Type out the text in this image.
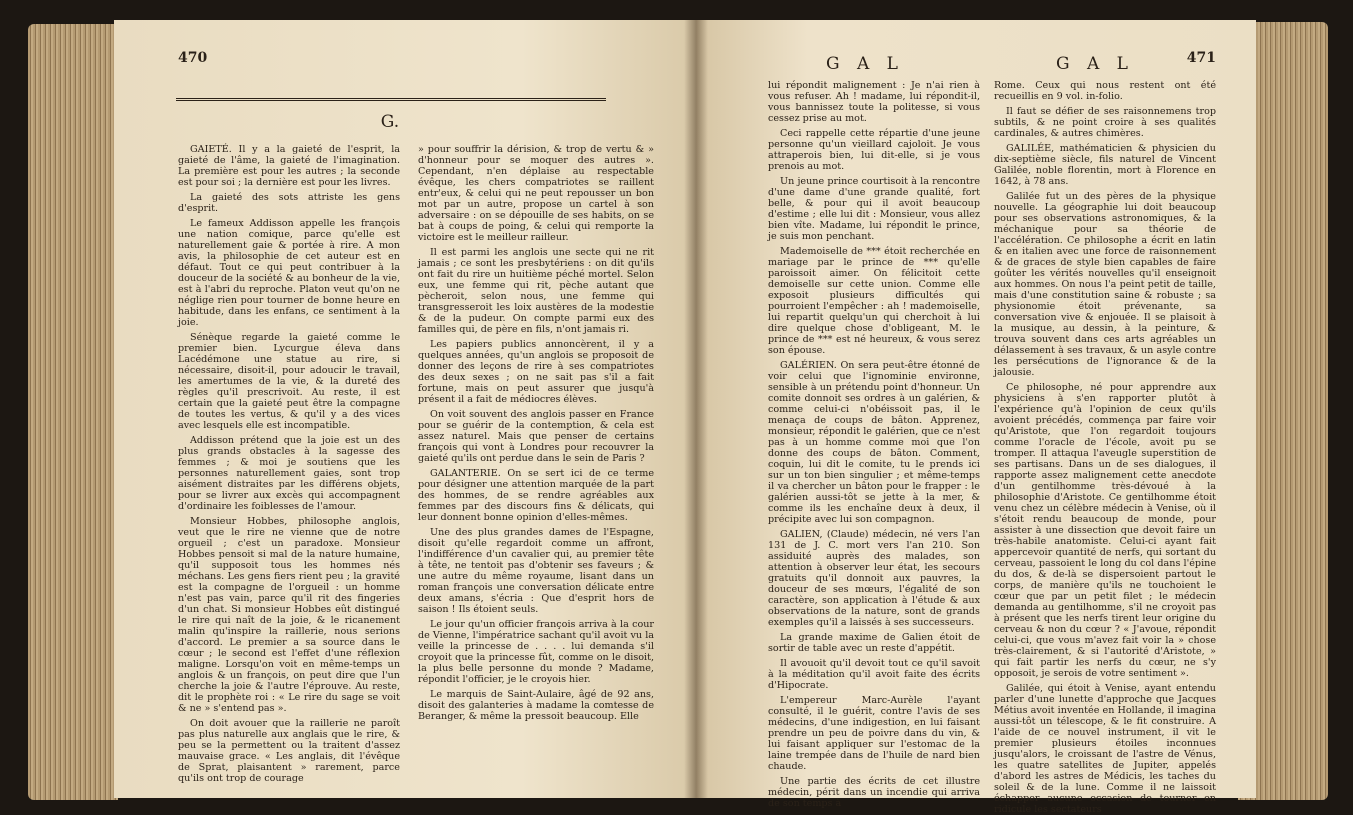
470
G.

GAIETÉ. Il y a la gaieté de l'esprit, la gaieté de l'âme, la gaieté de l'imagination. La première est pour les autres ; la seconde est pour soi ; la dernière est pour les livres.

La gaieté des sots attriste les gens d'esprit.

Le fameux Addisson appelle les françois une nation comique, parce qu'elle est naturellement gaie & portée à rire. A mon avis, la philosophie de cet auteur est en défaut. Tout ce qui peut contribuer à la douceur de la société & au bonheur de la vie, est à l'abri du reproche. Platon veut qu'on ne néglige rien pour tourner de bonne heure en habitude, dans les enfans, ce sentiment à la joie.

Sénèque regarde la gaieté comme le premier bien. Lycurgue éleva dans Lacédémone une statue au rire, si nécessaire, disoit-il, pour adoucir le travail, les amertumes de la vie, & la dureté des règles qu'il prescrivoit. Au reste, il est certain que la gaieté peut être la compagne de toutes les vertus, & qu'il y a des vices avec lesquels elle est incompatible.

Addisson prétend que la joie est un des plus grands obstacles à la sagesse des femmes ; & moi je soutiens que les personnes naturellement gaies, sont trop aisément distraites par les différens objets, pour se livrer aux excès qui accompagnent d'ordinaire les foiblesses de l'amour.

Monsieur Hobbes, philosophe anglois, veut que le rire ne vienne que de notre orgueil ; c'est un paradoxe. Monsieur Hobbes pensoit si mal de la nature humaine, qu'il supposoit tous les hommes nés méchans. Les gens fiers rient peu ; la gravité est la compagne de l'orgueil : un homme n'est pas vain, parce qu'il rit des fingeries d'un chat. Si monsieur Hobbes eût distingué le rire qui naît de la joie, & le ricanement malin qu'inspire la raillerie, nous serions d'accord. Le premier a sa source dans le cœur ; le second est l'effet d'une réflexion maligne. Lorsqu'on voit en même-temps un anglois & un françois, on peut dire que l'un cherche la joie & l'autre l'éprouve. Au reste, dit le prophète roi : « Le rire du sage se voit & ne » s'entend pas ».

On doit avouer que la raillerie ne paroît pas plus naturelle aux anglais que le rire, & peu se la permettent ou la traitent d'assez mauvaise grace. « Les anglais, dit l'évêque de Sprat, plaisantent » rarement, parce qu'ils ont trop de courage

» pour souffrir la dérision, & trop de vertu & » d'honneur pour se moquer des autres ». Cependant, n'en déplaise au respectable évêque, les chers compatriotes se raillent entr'eux, & celui qui ne peut repousser un bon mot par un autre, propose un cartel à son adversaire : on se dépouille de ses habits, on se bat à coups de poing, & celui qui remporte la victoire est le meilleur railleur.

Il est parmi les anglois une secte qui ne rit jamais ; ce sont les presbytériens : on dit qu'ils ont fait du rire un huitième péché mortel. Selon eux, une femme qui rit, pèche autant que pècheroit, selon nous, une femme qui transgresseroit les loix austères de la modestie & de la pudeur. On compte parmi eux des familles qui, de père en fils, n'ont jamais ri.

Les papiers publics annoncèrent, il y a quelques années, qu'un anglois se proposoit de donner des leçons de rire à ses compatriotes des deux sexes ; on ne sait pas s'il a fait fortune, mais on peut assurer que jusqu'à présent il a fait de médiocres élèves.

On voit souvent des anglois passer en France pour se guérir de la contemption, & cela est assez naturel. Mais que penser de certains françois qui vont à Londres pour recouvrer la gaieté qu'ils ont perdue dans le sein de Paris ?

GALANTERIE. On se sert ici de ce terme pour désigner une attention marquée de la part des hommes, de se rendre agréables aux femmes par des discours fins & délicats, qui leur donnent bonne opinion d'elles-mêmes.

Une des plus grandes dames de l'Espagne, disoit qu'elle regardoit comme un affront, l'indifférence d'un cavalier qui, au premier tête à tête, ne tentoit pas d'obtenir ses faveurs ; & une autre du même royaume, lisant dans un roman françois une conversation délicate entre deux amans, s'écria : Que d'esprit hors de saison ! Ils étoient seuls.

Le jour qu'un officier françois arriva à la cour de Vienne, l'impératrice sachant qu'il avoit vu la veille la princesse de . . . . lui demanda s'il croyoit que la princesse fût, comme on le disoit, la plus belle personne du monde ? Madame, répondit l'officier, je le croyois hier.

Le marquis de Saint-Aulaire, âgé de 92 ans, disoit des galanteries à madame la comtesse de Beranger, & même la pressoit beaucoup. Elle

G A L	G A L	471

lui répondit malignement : Je n'ai rien à vous refuser. Ah ! madame, lui répondit-il, vous bannissez toute la politesse, si vous cessez prise au mot.

Ceci rappelle cette répartie d'une jeune personne qu'un vieillard cajoloit. Je vous attraperois bien, lui dit-elle, si je vous prenois au mot.

Un jeune prince courtisoit à la rencontre d'une dame d'une grande qualité, fort belle, & pour qui il avoit beaucoup d'estime ; elle lui dit : Monsieur, vous allez bien vîte. Madame, lui répondit le prince, je suis mon penchant.

Mademoiselle de *** étoit recherchée en mariage par le prince de *** qu'elle paroissoit aimer. On félicitoit cette demoiselle sur cette union. Comme elle exposoit plusieurs difficultés qui pourroient l'empêcher : ah ! mademoiselle, lui repartit quelqu'un qui cherchoit à lui dire quelque chose d'obligeant, M. le prince de *** est né heureux, & vous serez son épouse.

GALÉRIEN. On sera peut-être étonné de voir celui que l'ignominie environne, sensible à un prétendu point d'honneur. Un comite donnoit ses ordres à un galérien, & comme celui-ci n'obéissoit pas, il le menaça de coups de bâton. Apprenez, monsieur, répondit le galérien, que ce n'est pas à un homme comme moi que l'on donne des coups de bâton. Comment, coquin, lui dit le comite, tu le prends ici sur un ton bien singulier ; et même-temps il va chercher un bâton pour le frapper : le galérien aussi-tôt se jette à la mer, & comme ils les enchaîne deux à deux, il précipite avec lui son compagnon.

GALIEN, (Claude) médecin, né vers l'an 131 de J. C. mort vers l'an 210. Son assiduité auprès des malades, son attention à observer leur état, les secours gratuits qu'il donnoit aux pauvres, la douceur de ses mœurs, l'égalité de son caractère, son application à l'étude & aux observations de la nature, sont de grands exemples qu'il a laissés à ses successeurs.

La grande maxime de Galien étoit de sortir de table avec un reste d'appétit.

Il avouoit qu'il devoit tout ce qu'il savoit à la méditation qu'il avoit faite des écrits d'Hipocrate.

L'empereur Marc-Aurèle l'ayant consulté, il le guérit, contre l'avis de ses médecins, d'une indigestion, en lui faisant prendre un peu de poivre dans du vin, & lui faisant appliquer sur l'estomac de la laine trempée dans de l'huile de nard bien chaude.

Une partie des écrits de cet illustre médecin, périt dans un incendie qui arriva de son temps à

Rome. Ceux qui nous restent ont été recueillis en 9 vol. in-folio.

Il faut se défier de ses raisonnemens trop subtils, & ne point croire à ses qualités cardinales, & autres chimères.

GALILÉE, mathématicien & physicien du dix-septième siècle, fils naturel de Vincent Galilée, noble florentin, mort à Florence en 1642, à 78 ans.

Galilée fut un des pères de la physique nouvelle. La géographie lui doit beaucoup pour ses observations astronomiques, & la méchanique pour sa théorie de l'accélération. Ce philosophe a écrit en latin & en italien avec une force de raisonnement & de graces de style bien capables de faire goûter les vérités nouvelles qu'il enseignoit aux hommes. On nous l'a peint petit de taille, mais d'une constitution saine & robuste ; sa physionomie étoit prévenante, sa conversation vive & enjouée. Il se plaisoit à la musique, au dessin, à la peinture, & trouva souvent dans ces arts agréables un délassement à ses travaux, & un asyle contre les persécutions de l'ignorance & de la jalousie.

Ce philosophe, né pour apprendre aux physiciens à s'en rapporter plutôt à l'expérience qu'à l'opinion de ceux qu'ils avoient précédés, commença par faire voir qu'Aristote, que l'on regardoit toujours comme l'oracle de l'école, avoit pu se tromper. Il attaqua l'aveugle superstition de ses partisans. Dans un de ses dialogues, il rapporte assez malignement cette anecdote d'un gentilhomme très-dévoué à la philosophie d'Aristote. Ce gentilhomme étoit venu chez un célèbre médecin à Venise, où il s'étoit rendu beaucoup de monde, pour assister à une dissection que devoit faire un très-habile anatomiste. Celui-ci ayant fait appercevoir quantité de nerfs, qui sortant du cerveau, passoient le long du col dans l'épine du dos, & de-là se dispersoient partout le corps, de manière qu'ils ne touchoient le cœur que par un petit filet ; le médecin demanda au gentilhomme, s'il ne croyoit pas à présent que les nerfs tirent leur origine du cerveau & non du cœur ? « J'avoue, répondit celui-ci, que vous m'avez fait voir la » chose très-clairement, & si l'autorité d'Aristote, » qui fait partir les nerfs du cœur, ne s'y opposoit, je serois de votre sentiment ».

Galilée, qui étoit à Venise, ayant entendu parler d'une lunette d'approche que Jacques Métius avoit inventée en Hollande, il imagina aussi-tôt un télescope, & le fit construire. A l'aide de ce nouvel instrument, il vit le premier plusieurs étoiles inconnues jusqu'alors, le croissant de l'astre de Vénus, les quatre satellites de Jupiter, appelés d'abord les astres de Médicis, les taches du soleil & de la lune. Comme il ne laissoit échapper aucune occasion de tourner en ridicule les sectateurs
